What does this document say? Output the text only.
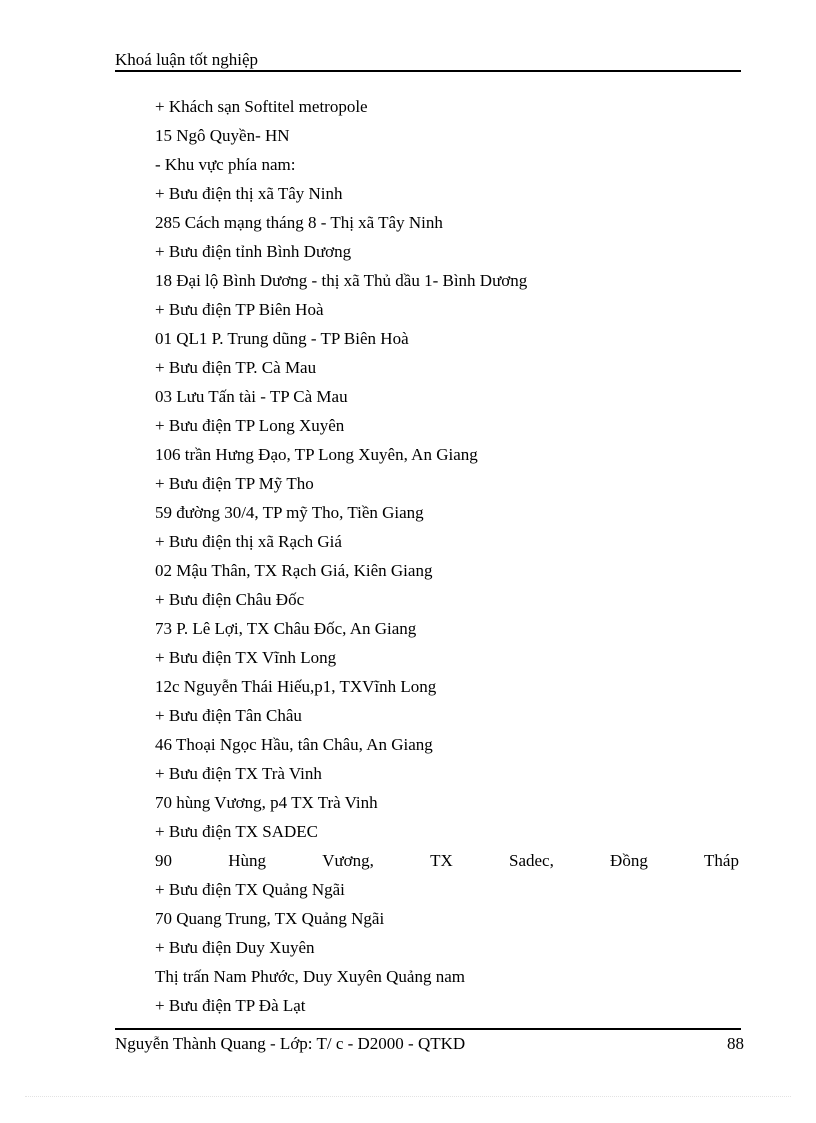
Khoá luận tốt nghiệp
+ Khách sạn Softitel metropole
15 Ngô Quyền- HN
- Khu vực phía nam:
+ Bưu điện thị xã Tây Ninh
285 Cách mạng tháng 8 - Thị xã Tây Ninh
+ Bưu điện tỉnh Bình Dương
18 Đại lộ Bình Dương - thị xã Thủ dầu 1- Bình Dương
+ Bưu điện TP Biên Hoà
01 QL1 P. Trung dũng - TP Biên Hoà
+ Bưu điện TP. Cà Mau
03 Lưu Tấn tài - TP Cà Mau
+ Bưu điện TP Long Xuyên
106 trần Hưng Đạo, TP Long Xuyên, An Giang
+ Bưu điện TP Mỹ Tho
59 đường 30/4, TP mỹ Tho, Tiền Giang
+ Bưu điện thị xã Rạch Giá
02 Mậu Thân, TX Rạch Giá, Kiên Giang
+ Bưu điện Châu Đốc
73 P. Lê Lợi, TX Châu Đốc, An Giang
+ Bưu điện TX Vĩnh Long
12c Nguyễn Thái Hiếu,p1, TXVĩnh Long
+ Bưu điện Tân Châu
46 Thoại Ngọc Hầu, tân Châu, An Giang
+ Bưu điện TX Trà Vinh
70 hùng Vương, p4 TX Trà Vinh
+ Bưu điện TX SADEC
90	Hùng	Vương,	TX	Sadec,	Đồng	Tháp
+ Bưu điện TX Quảng Ngãi
70 Quang Trung, TX Quảng Ngãi
+ Bưu điện Duy Xuyên
Thị trấn Nam Phước, Duy Xuyên Quảng nam
+ Bưu điện TP Đà Lạt
Nguyễn Thành Quang - Lớp: T/ c - D2000 - QTKD	88
